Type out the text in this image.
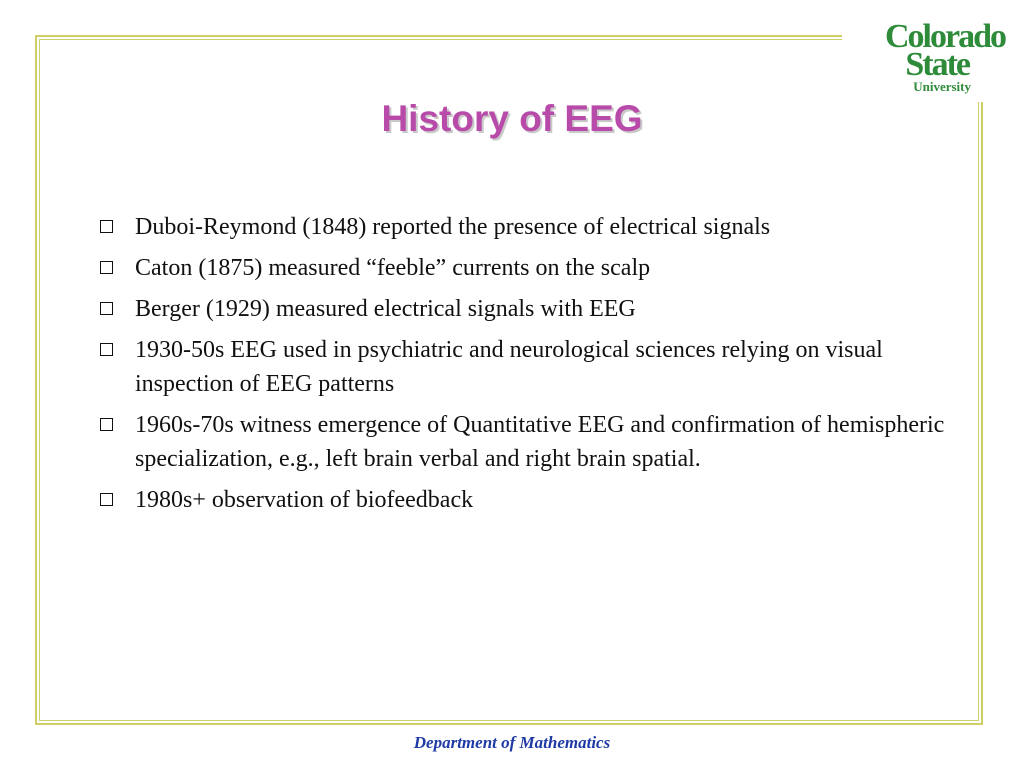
Colorado
State
University
History of EEG
Duboi-Reymond (1848) reported the presence of electrical signals
Caton (1875) measured “feeble” currents on the scalp
Berger (1929) measured electrical signals with EEG
1930-50s EEG used in psychiatric and neurological sciences relying on visual inspection of EEG patterns
1960s-70s witness emergence of Quantitative EEG and confirmation of hemispheric specialization, e.g., left brain verbal and right brain spatial.
1980s+ observation of biofeedback
Department of Mathematics
